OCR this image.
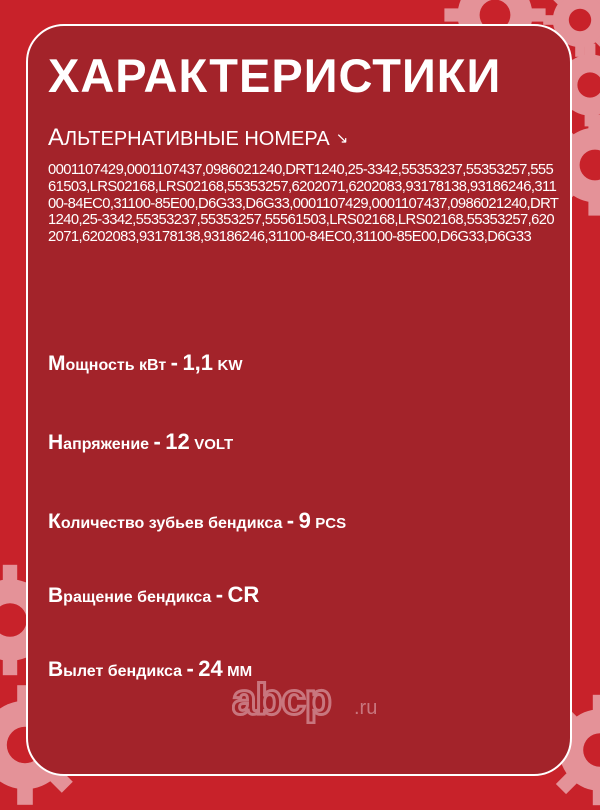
ХАРАКТЕРИСТИКИ
АЛЬТЕРНАТИВНЫЕ НОМЕРА ↘

0001107429,0001107437,0986021240,DRT1240,25-3342,55353237,55353257,55561503,LRS02168,LRS02168,55353257,6202071,6202083,93178138,93186246,31100-84EC0,31100-85E00,D6G33,D6G33,0001107429,0001107437,0986021240,DRT1240,25-3342,55353237,55353257,55561503,LRS02168,LRS02168,55353257,6202071,6202083,93178138,93186246,31100-84EC0,31100-85E00,D6G33,D6G33

Мощность кВт - 1,1 KW

Напряжение - 12 VOLT

Количество зубьев бендикса - 9 PCS

Вращение бендикса - CR

Вылет бендикса - 24 ММ

abcp .ru
